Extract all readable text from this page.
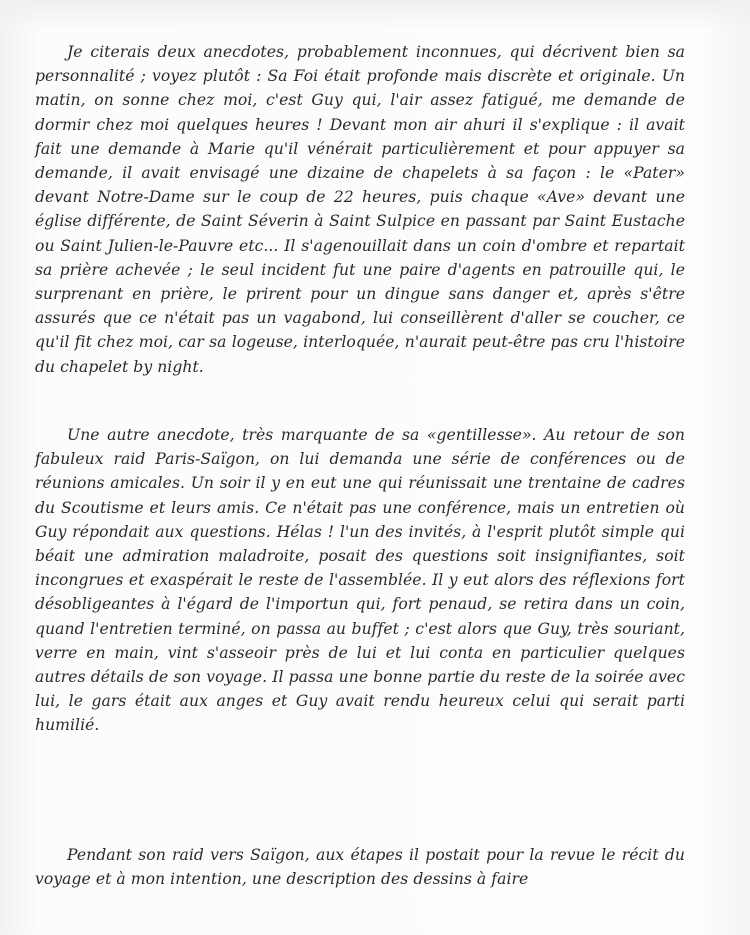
Je citerais deux anecdotes, probablement inconnues, qui décrivent bien sa personnalité ; voyez plutôt : Sa Foi était profonde mais discrète et originale. Un matin, on sonne chez moi, c'est Guy qui, l'air assez fatigué, me demande de dormir chez moi quelques heures ! Devant mon air ahuri il s'explique : il avait fait une demande à Marie qu'il vénérait particulièrement et pour appuyer sa demande, il avait envisagé une dizaine de chapelets à sa façon : le «Pater» devant Notre-Dame sur le coup de 22 heures, puis chaque «Ave» devant une église différente, de Saint Séverin à Saint Sulpice en passant par Saint Eustache ou Saint Julien-le-Pauvre etc... Il s'agenouillait dans un coin d'ombre et repartait sa prière achevée ; le seul incident fut une paire d'agents en patrouille qui, le surprenant en prière, le prirent pour un dingue sans danger et, après s'être assurés que ce n'était pas un vagabond, lui conseillèrent d'aller se coucher, ce qu'il fit chez moi, car sa logeuse, interloquée, n'aurait peut-être pas cru l'histoire du chapelet by night.

Une autre anecdote, très marquante de sa «gentillesse». Au retour de son fabuleux raid Paris-Saïgon, on lui demanda une série de conférences ou de réunions amicales. Un soir il y en eut une qui réunissait une trentaine de cadres du Scoutisme et leurs amis. Ce n'était pas une conférence, mais un entretien où Guy répondait aux questions. Hélas ! l'un des invités, à l'esprit plutôt simple qui béait une admiration maladroite, posait des questions soit insignifiantes, soit incongrues et exaspérait le reste de l'assemblée. Il y eut alors des réflexions fort désobligeantes à l'égard de l'importun qui, fort penaud, se retira dans un coin, quand l'entretien terminé, on passa au buffet ; c'est alors que Guy, très souriant, verre en main, vint s'asseoir près de lui et lui conta en particulier quelques autres détails de son voyage. Il passa une bonne partie du reste de la soirée avec lui, le gars était aux anges et Guy avait rendu heureux celui qui serait parti humilié.

Pendant son raid vers Saïgon, aux étapes il postait pour la revue le récit du voyage et à mon intention, une description des dessins à faire
